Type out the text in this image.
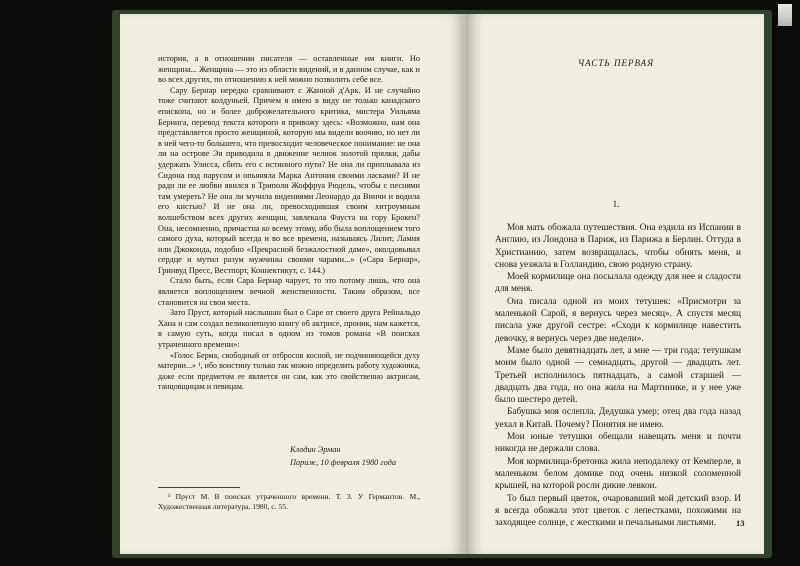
история, а в отношении писателя — оставленные им книги. Но женщина... Женщина — это из области видений, и в данном случае, как и во всех других, по отношению к ней можно позволить себе все.

Сару Бернар нередко сравнивают с Жанной д'Арк. И не случайно тоже считают колдуньей. Причем я имею в виду не только канадского епископа, но и более доброжелательного критика, мистера Уильяма Беринга, перевод текста которого я привожу здесь: «Возможно, нам она представляется просто женщиной, которую мы видели воочию, но нет ли в ней чего-то большего, что превосходит человеческое понимание: не она ли на острове Эя приводила в движение челнок золотой прялки, дабы удержать Улисса, сбить его с истинного пути? Не она ли приплывала из Сидона под парусом и опьяняла Марка Антония своими ласками? И не ради ли ее любви явился в Триполи Жоффруа Рюдель, чтобы с песнями там умереть? Не она ли мучила видениями Леонардо да Винчи и водила его кистью? И не она ли, превосходившая своим хитроумным волшебством всех других женщин, завлекала Фауста на гору Брокен? Она, несомненно, причастна ко всему этому, ибо была воплощением того самого духа, который всегда и во все времена, называясь Лилит, Ламия или Джоконда, подобно «Прекрасной безжалостной даме», околдовывал сердце и мутил разум мужчины своими чарами...» («Сара Бернар», Гринвуд Пресс, Вестпорт, Коннектикут, с. 144.)

Стало быть, если Сара Бернар чарует, то это потому лишь, что она является воплощением вечной женственности. Таким образом, все становится на свои места.

Зато Пруст, который наслышан был о Саре от своего друга Рейнальдо Хана и сам создал великолепную книгу об актрисе, проник, нам кажется, в самую суть, когда писал в одном из томов романа «В поисках утраченного времени»:

«Голос Берма, свободный от отбросов косной, не подчиняющейся духу материи...» ¹, ибо воистину только так можно определить работу художника, даже если предметом ее является он сам, как это свойственно актрисам, танцовщицам и певицам.

Клодин Эрман
Париж, 10 февраля 1980 года

¹ Пруст М. В поисках утраченного времени. Т. 3. У Германтов. М., Художественная литература, 1980, с. 55.

ЧАСТЬ ПЕРВАЯ
1.

Моя мать обожала путешествия. Она ездила из Испании в Англию, из Лондона в Париж, из Парижа в Берлин. Оттуда в Христианию, затем возвращалась, чтобы обнять меня, и снова уезжала в Голландию, свою родную страну.

Моей кормилице она посылала одежду для нее и сладости для меня.

Она писала одной из моих тетушек: «Присмотри за маленькой Сарой, я вернусь через месяц». А спустя месяц писала уже другой сестре: «Сходи к кормилице навестить девочку, я вернусь через две недели».

Маме было девятнадцать лет, а мне — три года; тетушкам моим было одной — семнадцать, другой — двадцать лет. Третьей исполнилось пятнадцать, а самой старшей — двадцать два года, но она жила на Мартинике, и у нее уже было шестеро детей.

Бабушка моя ослепла. Дедушка умер; отец два года назад уехал в Китай. Почему? Понятия не имею.

Мои юные тетушки обещали навещать меня и почти никогда не держали слова.

Моя кормилица-бретонка жила неподалеку от Кемперле, в маленьком белом домике под очень низкой соломенной крышей, на которой росли дикие левкои.

То был первый цветок, очаровавший мой детский взор. И я всегда обожала этот цветок с лепестками, похожими на заходящее солнце, с жесткими и печальными листьями.	13
